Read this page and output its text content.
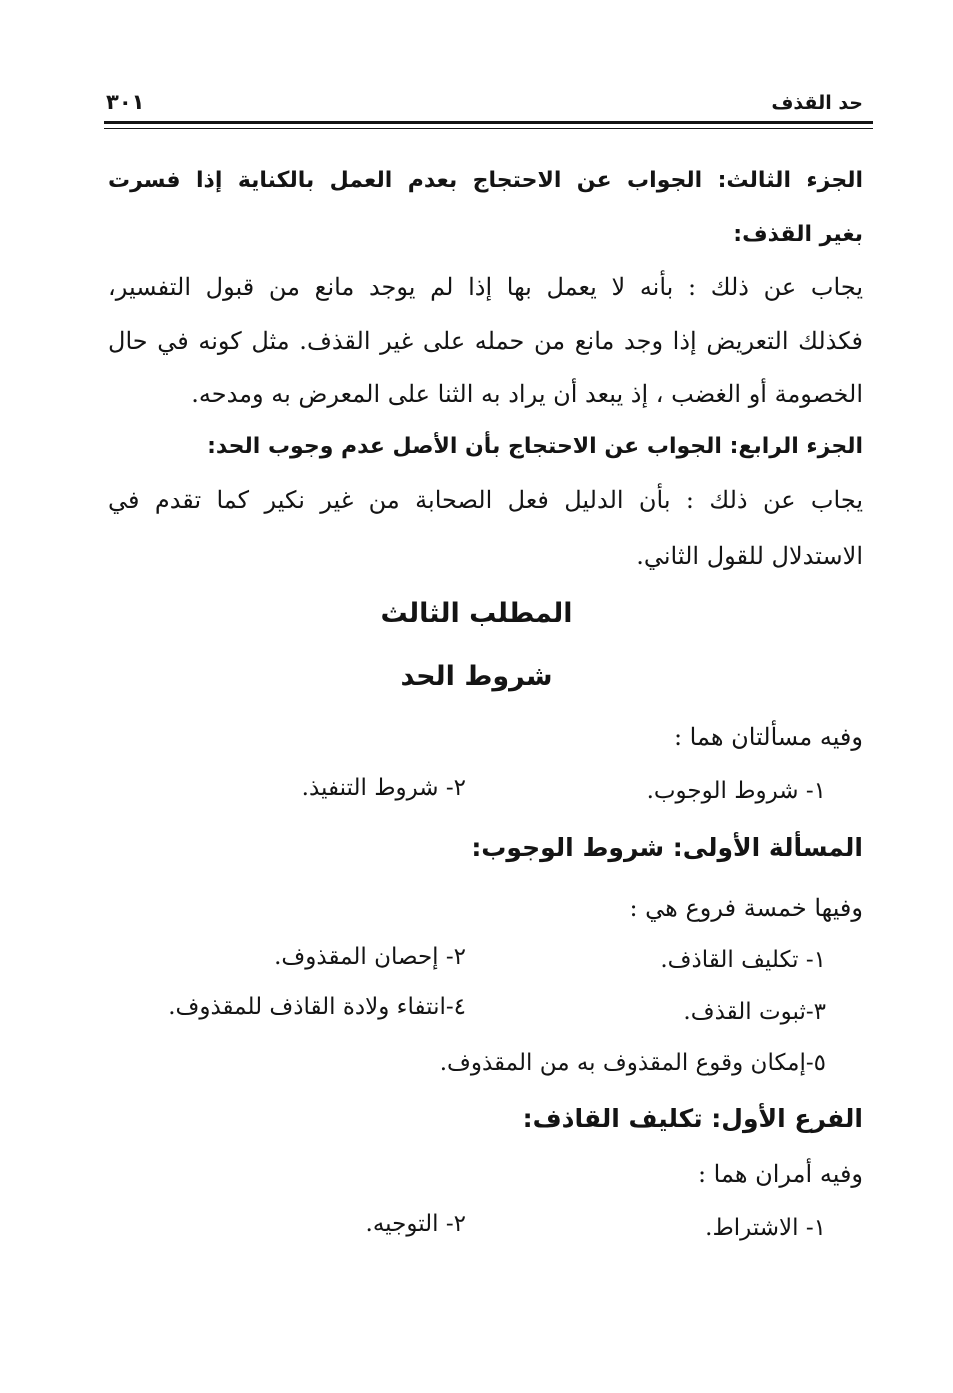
حد القذف
٣٠١
الجزء الثالث: الجواب عن الاحتجاج بعدم العمل بالكناية إذا فسرت
بغير القذف:
يجاب عن ذلك : بأنه لا يعمل بها إذا لم يوجد مانع من قبول التفسير،
فكذلك التعريض إذا وجد مانع من حمله على غير القذف. مثل كونه في حال
الخصومة أو الغضب ، إذ يبعد أن يراد به الثنا على المعرض به ومدحه.
الجزء الرابع: الجواب عن الاحتجاج بأن الأصل عدم وجوب الحد:
يجاب عن ذلك : بأن الدليل فعل الصحابة من غير نكير كما تقدم في
الاستدلال للقول الثاني.
المطلب الثالث
شروط الحد
وفيه مسألتان هما :
١- شروط الوجوب.
٢- شروط التنفيذ.
المسألة الأولى: شروط الوجوب:
وفيها خمسة فروع هي :
١- تكليف القاذف.
٢- إحصان المقذوف.
٣-ثبوت القذف.
٤-انتفاء ولادة القاذف للمقذوف.
٥-إمكان وقوع المقذوف به من المقذوف.
الفرع الأول: تكليف القاذف:
وفيه أمران هما :
١- الاشتراط.
٢- التوجيه.
